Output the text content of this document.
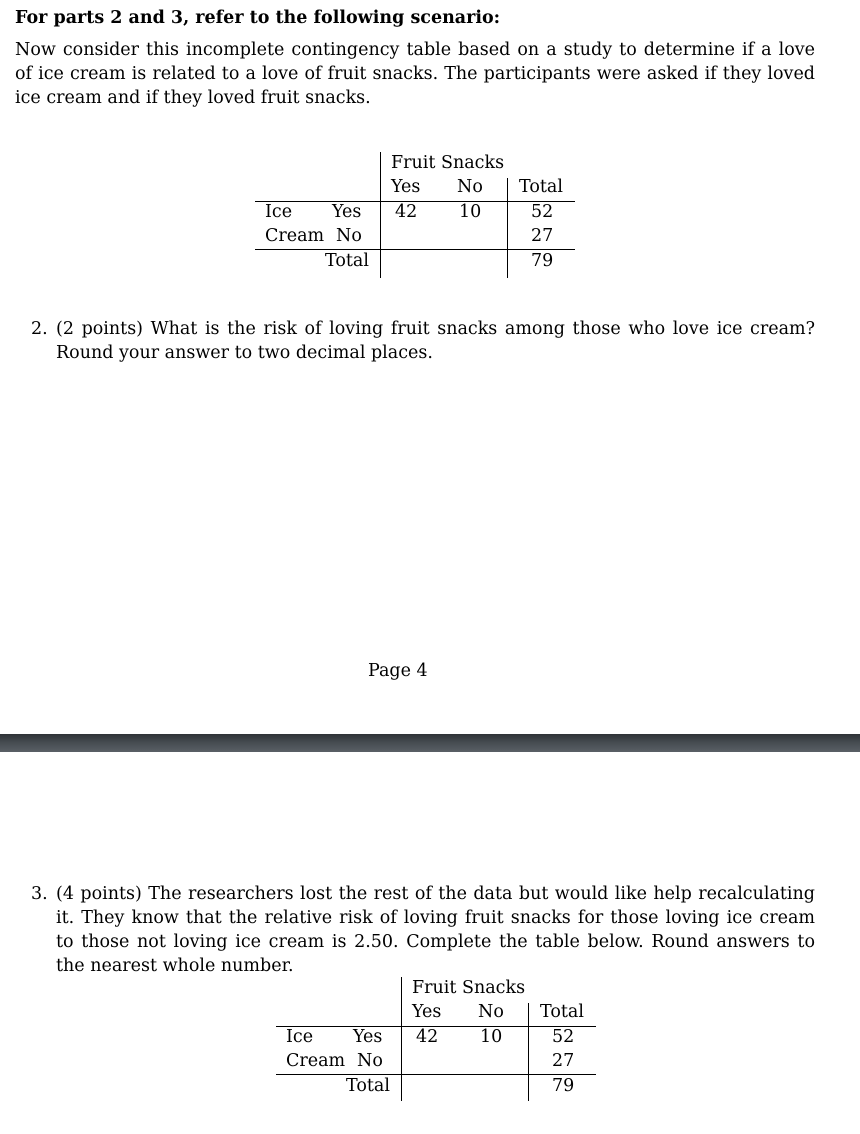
For parts 2 and 3, refer to the following scenario:

Now consider this incomplete contingency table based on a study to determine if a love of ice cream is related to a love of fruit snacks. The participants were asked if they loved ice cream and if they loved fruit snacks.

Fruit Snacks
Yes No Total
Ice
Cream
Yes
No
Total
42 10	52
27
79
2. (2 points) What is the risk of loving fruit snacks among those who love ice cream? Round your answer to two decimal places.
Page 4
3. (4 points) The researchers lost the rest of the data but would like help recalculating it. They know that the relative risk of loving fruit snacks for those loving ice cream to those not loving ice cream is 2.50. Complete the table below. Round answers to the nearest whole number.
Fruit Snacks
Yes No Total
Ice
Cream
Yes
No
Total
42 10	52
27
79
